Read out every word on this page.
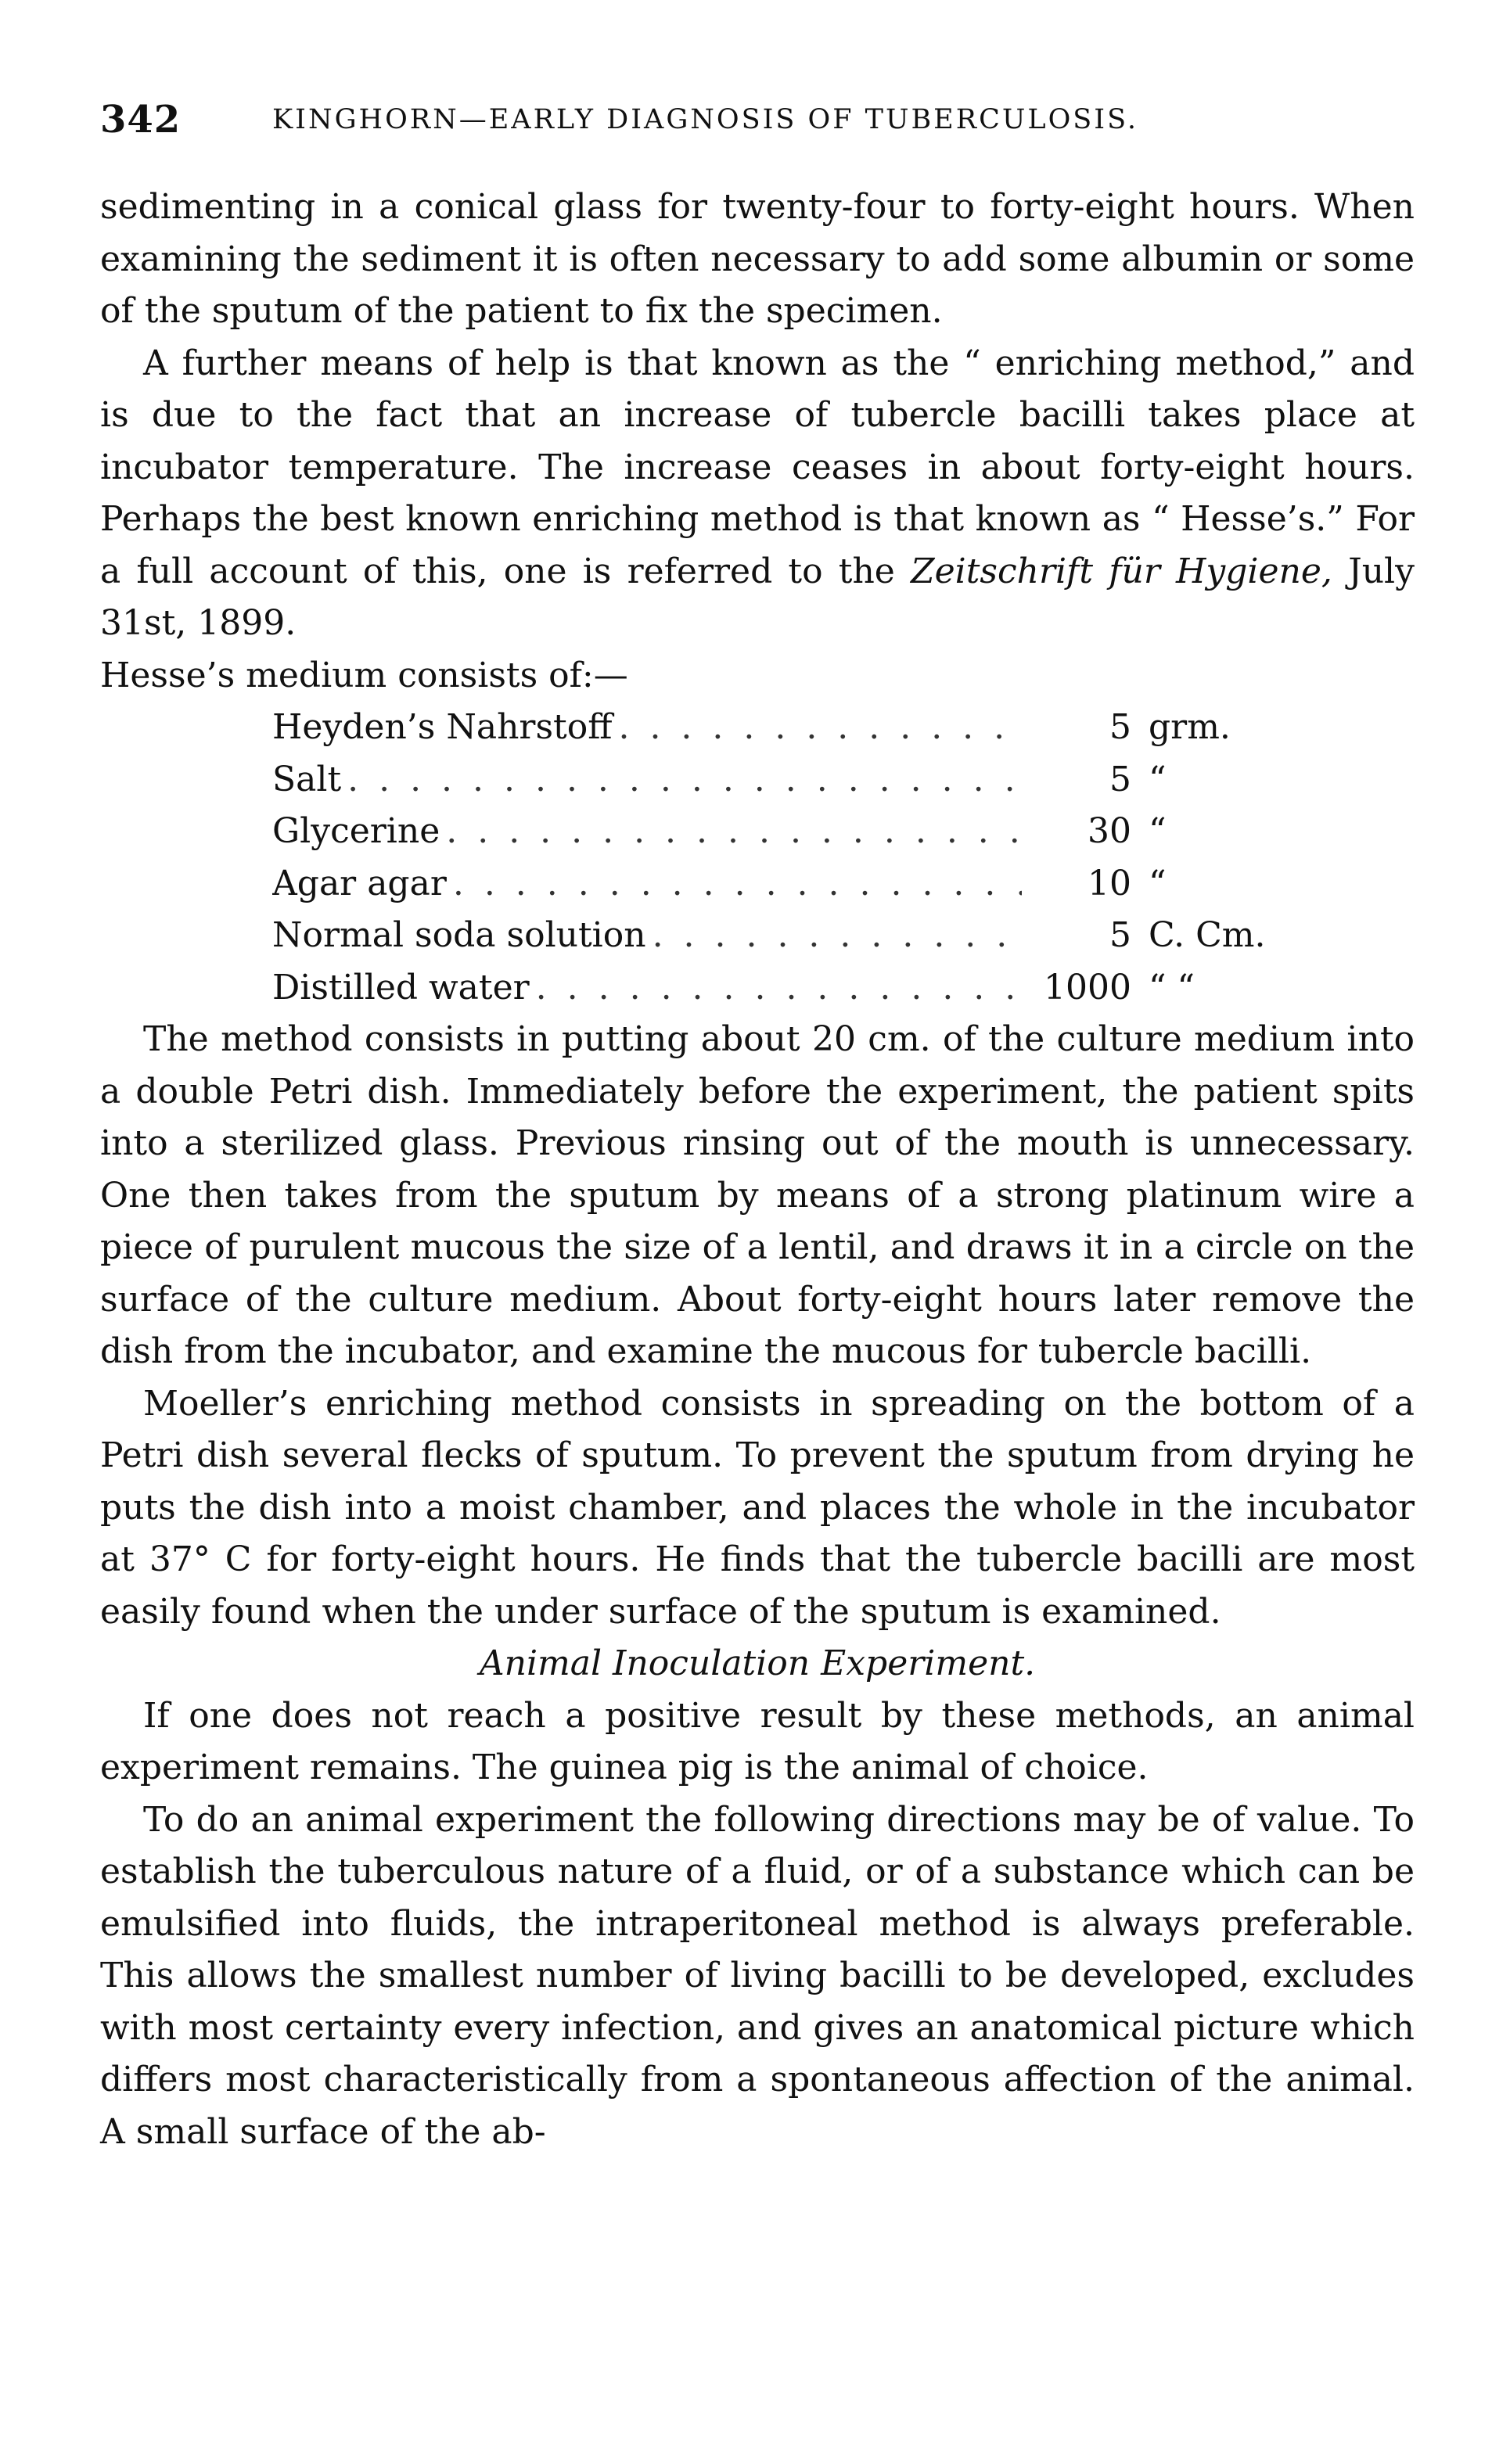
342	KINGHORN—EARLY DIAGNOSIS OF TUBERCULOSIS.

sedimenting in a conical glass for twenty-four to forty-eight hours. When examining the sediment it is often necessary to add some albumin or some of the sputum of the patient to fix the specimen.

A further means of help is that known as the “ enriching method,” and is due to the fact that an increase of tubercle bacilli takes place at incubator temperature. The increase ceases in about forty-eight hours. Perhaps the best known enriching method is that known as “ Hesse’s.” For a full account of this, one is referred to the Zeitschrift für Hygiene, July 31st, 1899.

Hesse’s medium consists of:—

Heyden’s Nahrstoff . . .	5 grm.
Salt . . .	5 “
Glycerine . . .	30 “
Agar agar . . .	10 “
Normal soda solution . . .	5 C. Cm.
Distilled water . . .	1000 “ “

The method consists in putting about 20 cm. of the culture medium into a double Petri dish. Immediately before the experiment, the patient spits into a sterilized glass. Previous rinsing out of the mouth is unnecessary. One then takes from the sputum by means of a strong platinum wire a piece of purulent mucous the size of a lentil, and draws it in a circle on the surface of the culture medium. About forty-eight hours later remove the dish from the incubator, and examine the mucous for tubercle bacilli.

Moeller’s enriching method consists in spreading on the bottom of a Petri dish several flecks of sputum. To prevent the sputum from drying he puts the dish into a moist chamber, and places the whole in the incubator at 37° C for forty-eight hours. He finds that the tubercle bacilli are most easily found when the under surface of the sputum is examined.

Animal Inoculation Experiment.

If one does not reach a positive result by these methods, an animal experiment remains. The guinea pig is the animal of choice.

To do an animal experiment the following directions may be of value. To establish the tuberculous nature of a fluid, or of a substance which can be emulsified into fluids, the intraperitoneal method is always preferable. This allows the smallest number of living bacilli to be developed, excludes with most certainty every infection, and gives an anatomical picture which differs most characteristically from a spontaneous affection of the animal. A small surface of the ab-
